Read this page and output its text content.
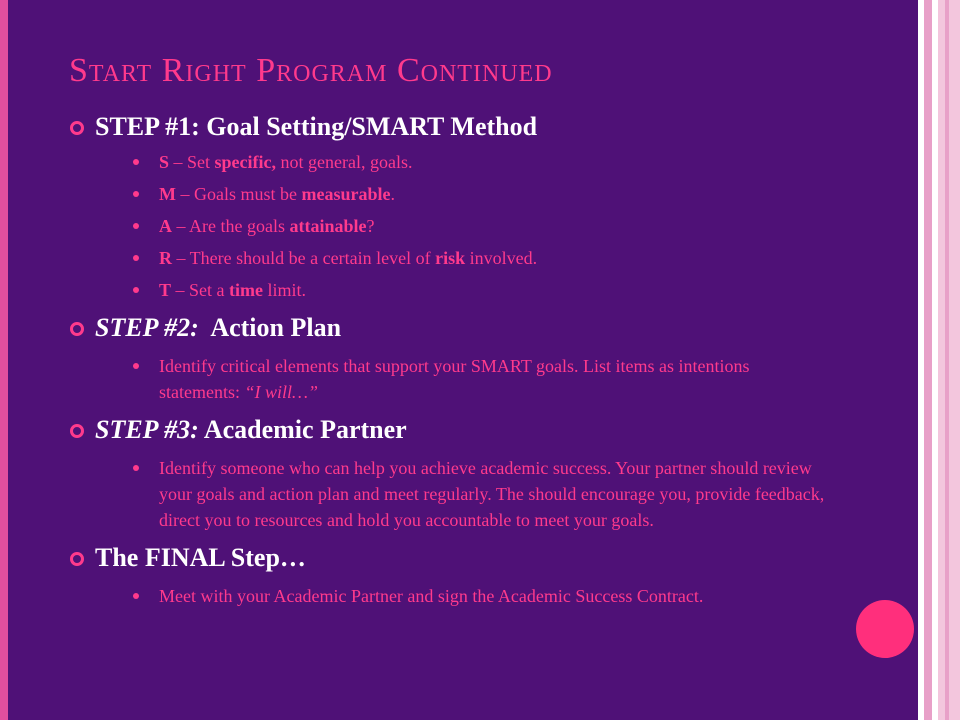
Start Right Program Continued
STEP #1: Goal Setting/SMART Method
S – Set specific, not general, goals.
M – Goals must be measurable.
A – Are the goals attainable?
R – There should be a certain level of risk involved.
T – Set a time limit.
STEP #2:  Action Plan
Identify critical elements that support your SMART goals. List items as intentions statements: “I will…”
STEP #3: Academic Partner
Identify someone who can help you achieve academic success. Your partner should review your goals and action plan and meet regularly. The should encourage you, provide feedback, direct you to resources and hold you accountable to meet your goals.
The FINAL Step…
Meet with your Academic Partner and sign the Academic Success Contract.
